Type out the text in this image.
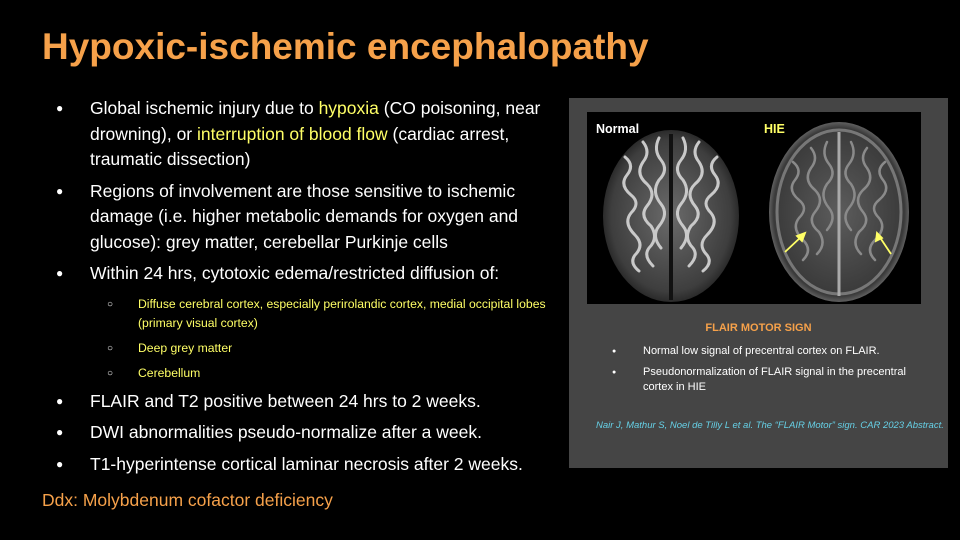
Hypoxic-ischemic encephalopathy
● Global ischemic injury due to hypoxia (CO poisoning, near drowning), or interruption of blood flow (cardiac arrest, traumatic dissection)
● Regions of involvement are those sensitive to ischemic damage (i.e. higher metabolic demands for oxygen and glucose): grey matter, cerebellar Purkinje cells
● Within 24 hrs, cytotoxic edema/restricted diffusion of:
○ Diffuse cerebral cortex, especially perirolandic cortex, medial occipital lobes (primary visual cortex)
○ Deep grey matter
○ Cerebellum
● FLAIR and T2 positive between 24 hrs to 2 weeks.
● DWI abnormalities pseudo-normalize after a week.
● T1-hyperintense cortical laminar necrosis after 2 weeks.
Ddx: Molybdenum cofactor deficiency
Normal	HIE
FLAIR MOTOR SIGN
● Normal low signal of precentral cortex on FLAIR.
● Pseudonormalization of FLAIR signal in the precentral cortex in HIE
Nair J, Mathur S, Noel de Tilly L et al. The “FLAIR Motor” sign. CAR 2023 Abstract.
